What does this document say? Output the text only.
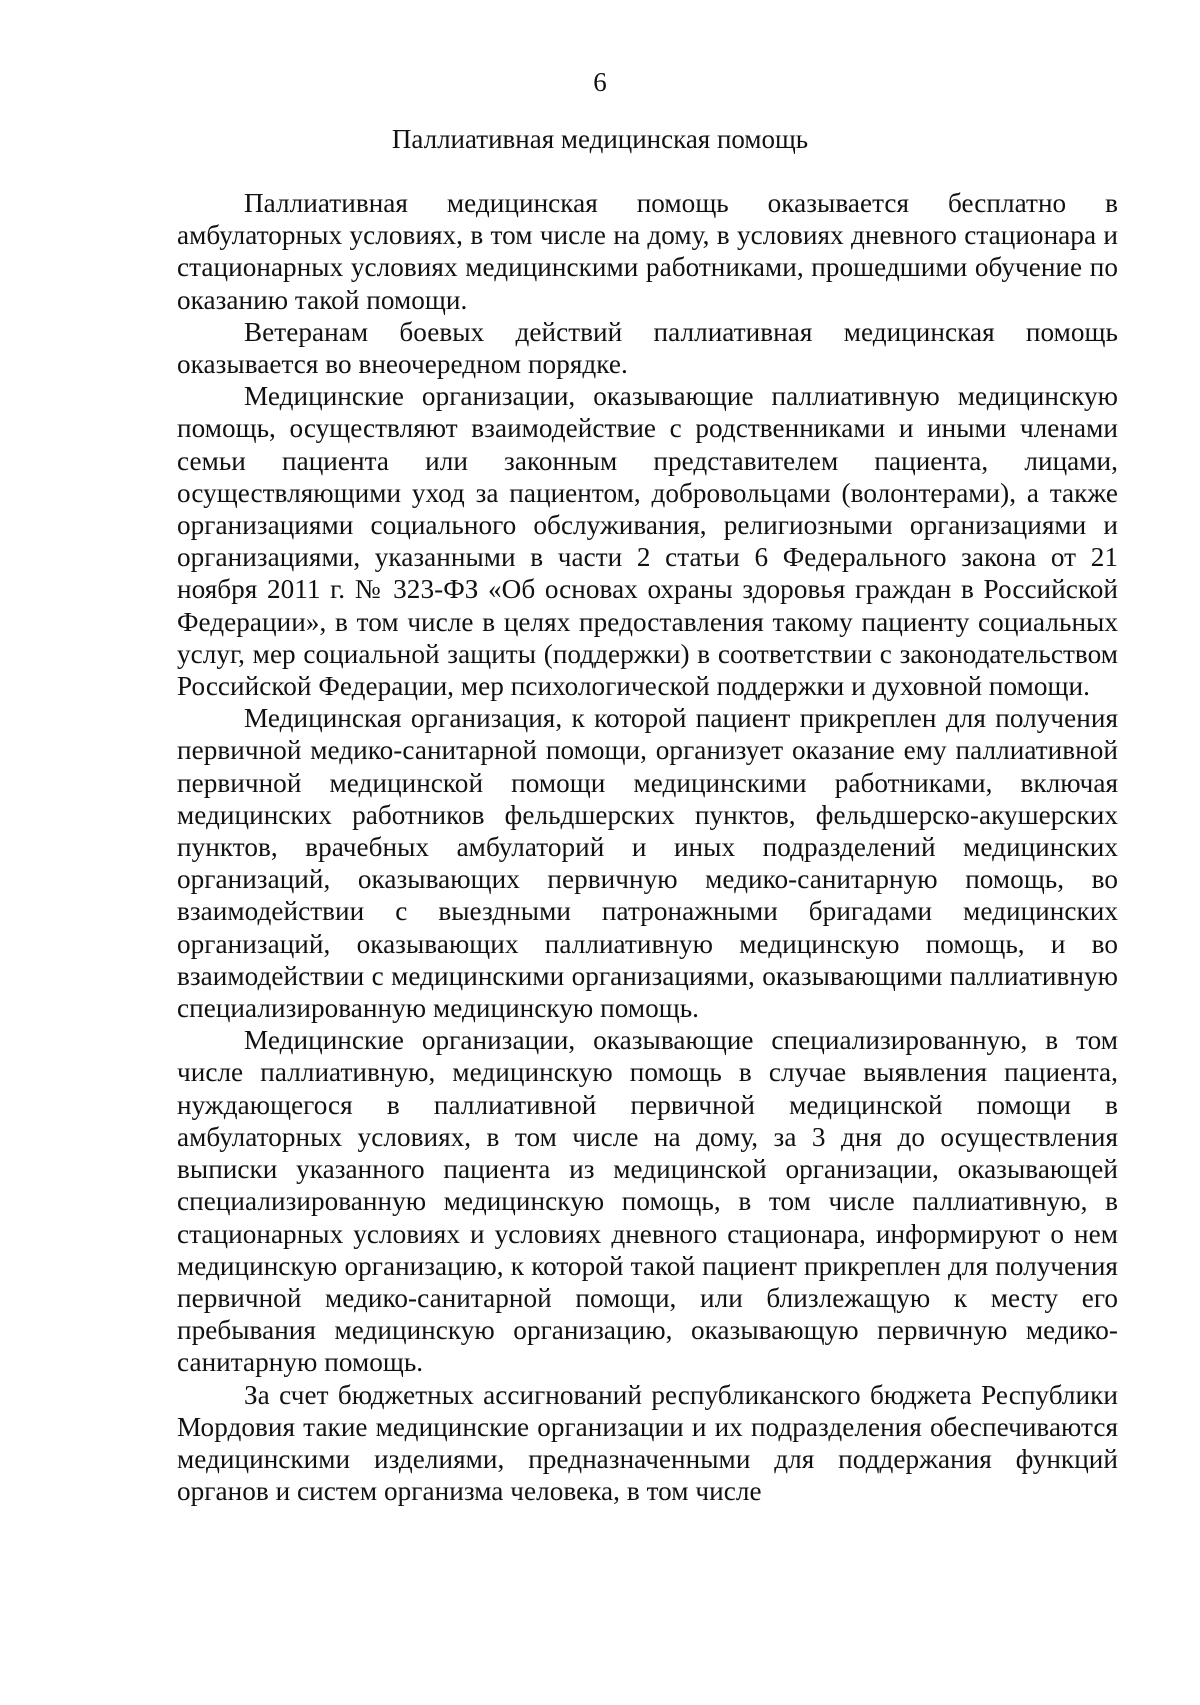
6
Паллиативная медицинская помощь

Паллиативная медицинская помощь оказывается бесплатно в амбулаторных условиях, в том числе на дому, в условиях дневного стационара и стационарных условиях медицинскими работниками, прошедшими обучение по оказанию такой помощи.

Ветеранам боевых действий паллиативная медицинская помощь оказывается во внеочередном порядке.

Медицинские организации, оказывающие паллиативную медицинскую помощь, осуществляют взаимодействие с родственниками и иными членами семьи пациента или законным представителем пациента, лицами, осуществляющими уход за пациентом, добровольцами (волонтерами), а также организациями социального обслуживания, религиозными организациями и организациями, указанными в части 2 статьи 6 Федерального закона от 21 ноября 2011 г. № 323-ФЗ «Об основах охраны здоровья граждан в Российской Федерации», в том числе в целях предоставления такому пациенту социальных услуг, мер социальной защиты (поддержки) в соответствии с законодательством Российской Федерации, мер психологической поддержки и духовной помощи.

Медицинская организация, к которой пациент прикреплен для получения первичной медико-санитарной помощи, организует оказание ему паллиативной первичной медицинской помощи медицинскими работниками, включая медицинских работников фельдшерских пунктов, фельдшерско-акушерских пунктов, врачебных амбулаторий и иных подразделений медицинских организаций, оказывающих первичную медико-санитарную помощь, во взаимодействии с выездными патронажными бригадами медицинских организаций, оказывающих паллиативную медицинскую помощь, и во взаимодействии с медицинскими организациями, оказывающими паллиативную специализированную медицинскую помощь.

Медицинские организации, оказывающие специализированную, в том числе паллиативную, медицинскую помощь в случае выявления пациента, нуждающегося в паллиативной первичной медицинской помощи в амбулаторных условиях, в том числе на дому, за 3 дня до осуществления выписки указанного пациента из медицинской организации, оказывающей специализированную медицинскую помощь, в том числе паллиативную, в стационарных условиях и условиях дневного стационара, информируют о нем медицинскую организацию, к которой такой пациент прикреплен для получения первичной медико-санитарной помощи, или близлежащую к месту его пребывания медицинскую организацию, оказывающую первичную медико-санитарную помощь.

За счет бюджетных ассигнований республиканского бюджета Республики Мордовия такие медицинские организации и их подразделения обеспечиваются медицинскими изделиями, предназначенными для поддержания функций органов и систем организма человека, в том числе
